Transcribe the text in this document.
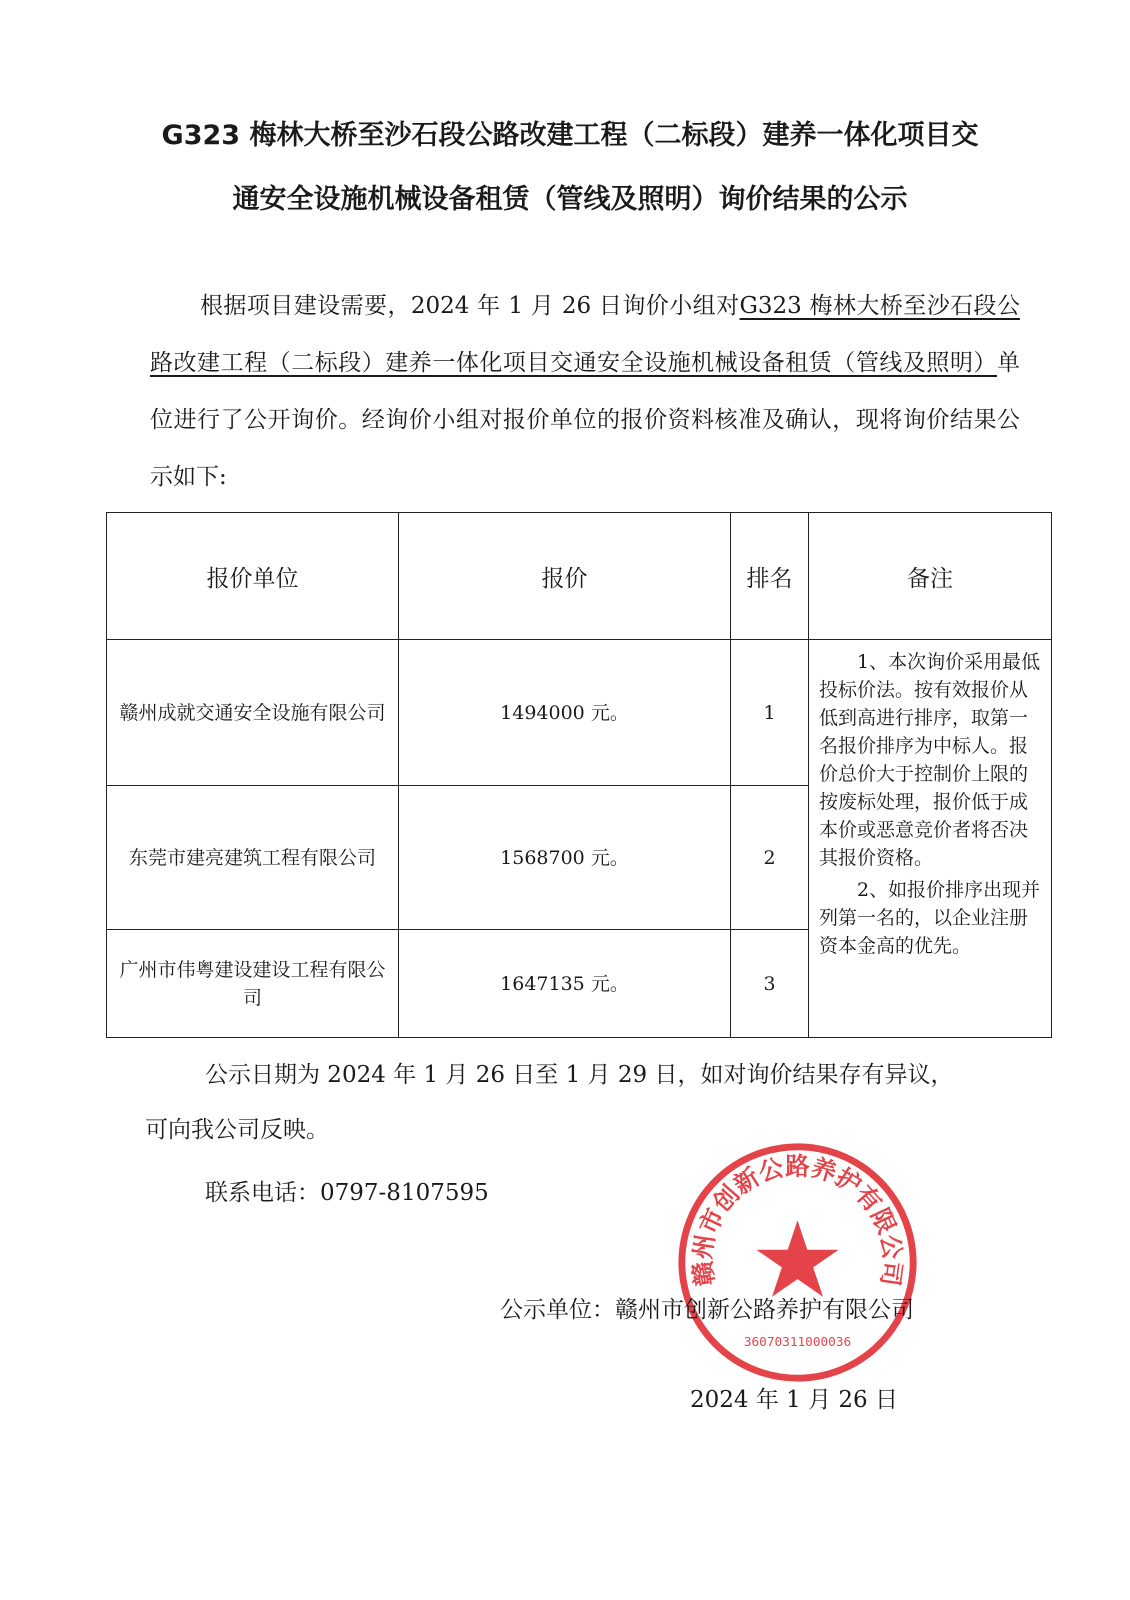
G323 梅林大桥至沙石段公路改建工程（二标段）建养一体化项目交
通安全设施机械设备租赁（管线及照明）询价结果的公示

根据项目建设需要，2024 年 1 月 26 日询价小组对G323 梅林大桥至沙石段公路改建工程（二标段）建养一体化项目交通安全设施机械设备租赁（管线及照明）单位进行了公开询价。经询价小组对报价单位的报价资料核准及确认，现将询价结果公示如下:

报价单位	报价	排名	备注
赣州成就交通安全设施有限公司	1494000 元。	1	1、本次询价采用最低投标价法。按有效报价从低到高进行排序，取第一名报价排序为中标人。报价总价大于控制价上限的按废标处理，报价低于成本价或恶意竞价者将否决其报价资格。

2、如报价排序出现并列第一名的，以企业注册资本金高的优先。

东莞市建亮建筑工程有限公司	1568700 元。	2	
广州市伟粤建设建设工程有限公司	1647135 元。	3	

公示日期为 2024 年 1 月 26 日至 1 月 29 日，如对询价结果存有异议，

可向我公司反映。

联系电话：0797-8107595

赣州市创新公路养护有限公司
36070311000036

公示单位：赣州市创新公路养护有限公司

2024 年 1 月 26 日
